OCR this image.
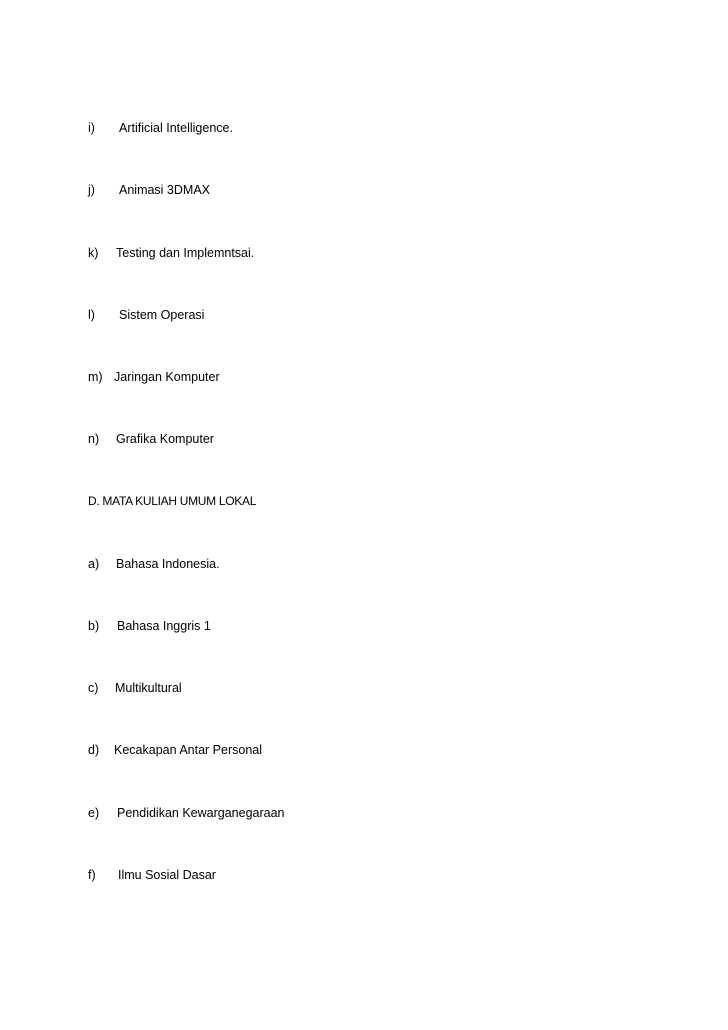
i) Artificial Intelligence.
j) Animasi 3DMAX
k) Testing dan Implemntsai.
l) Sistem Operasi
m) Jaringan Komputer
n) Grafika Komputer
D. MATA KULIAH UMUM LOKAL
a) Bahasa Indonesia.
b) Bahasa Inggris 1
c) Multikultural
d) Kecakapan Antar Personal
e) Pendidikan Kewarganegaraan
f) Ilmu Sosial Dasar
